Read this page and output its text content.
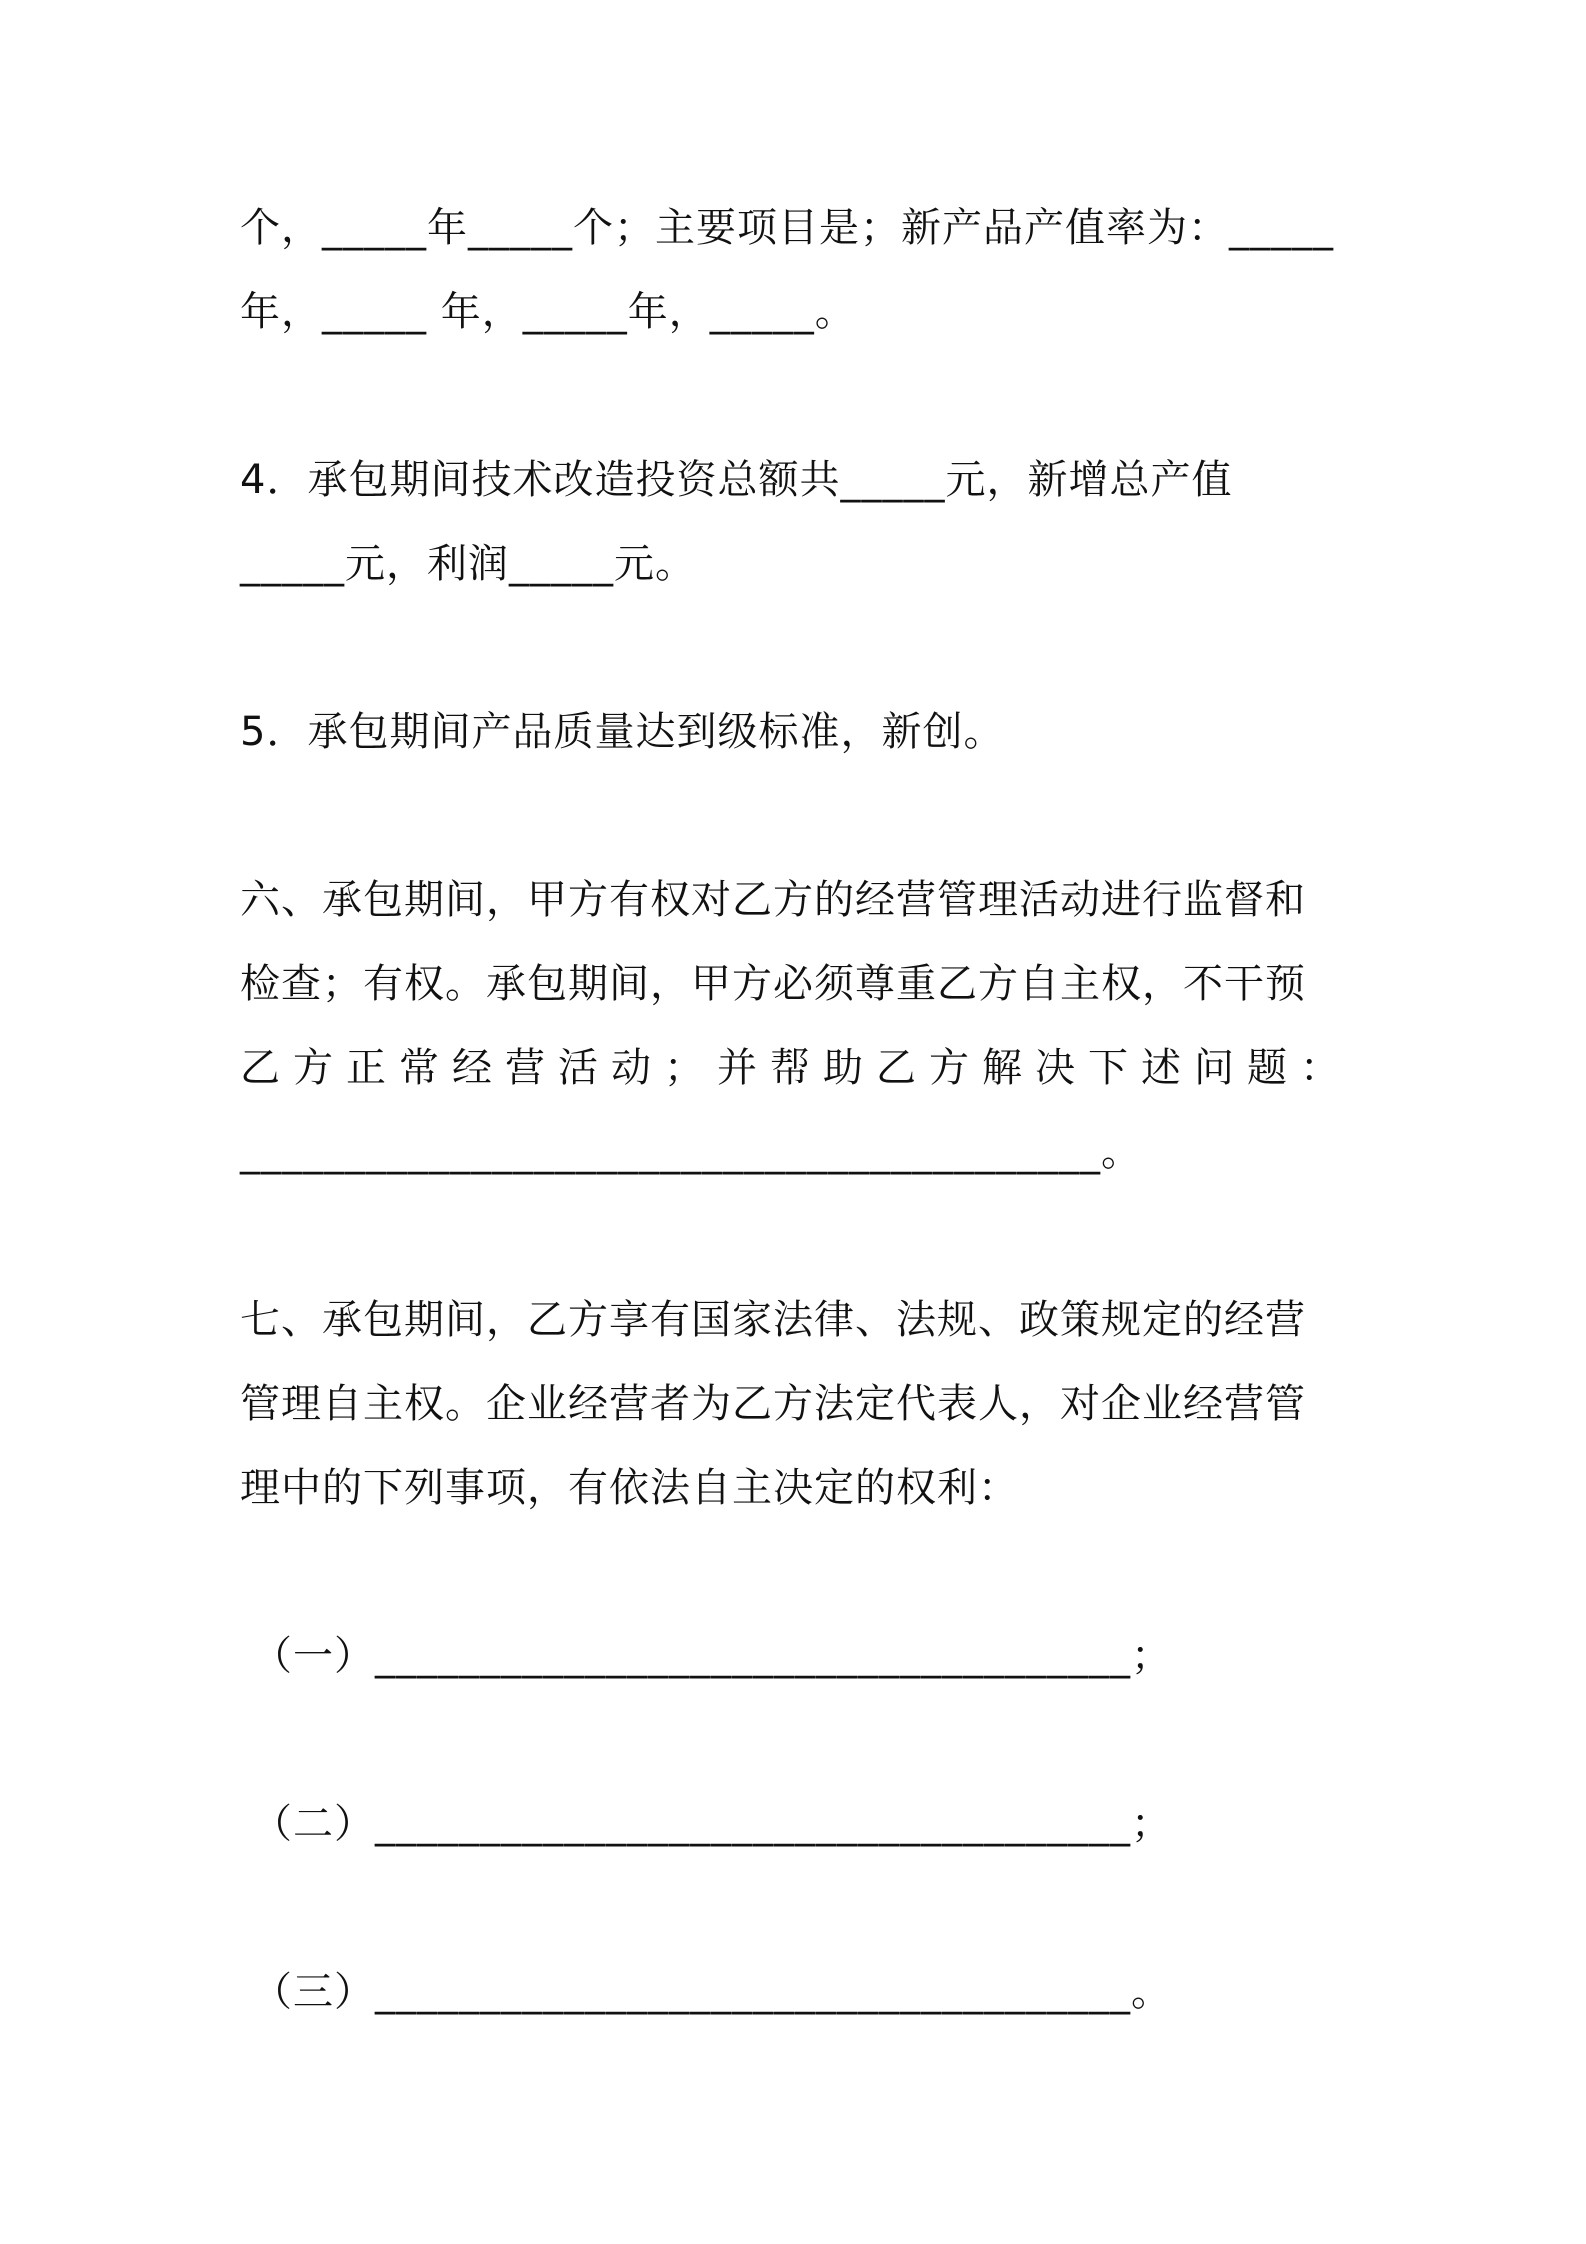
个，_____年_____个；主要项目是；新产品产值率为：_____
年，_____ 年，_____年，_____。
4．承包期间技术改造投资总额共_____元，新增总产值
_____元，利润_____元。
5．承包期间产品质量达到级标准，新创。
六、承包期间，甲方有权对乙方的经营管理活动进行监督和
检查；有权。承包期间，甲方必须尊重乙方自主权，不干预
乙方正常经营活动；并帮助乙方解决下述问题：
_________________________________________。
七、承包期间，乙方享有国家法律、法规、政策规定的经营
管理自主权。企业经营者为乙方法定代表人，对企业经营管
理中的下列事项，有依法自主决定的权利：
（一）____________________________________；
（二）____________________________________；
（三）____________________________________。
